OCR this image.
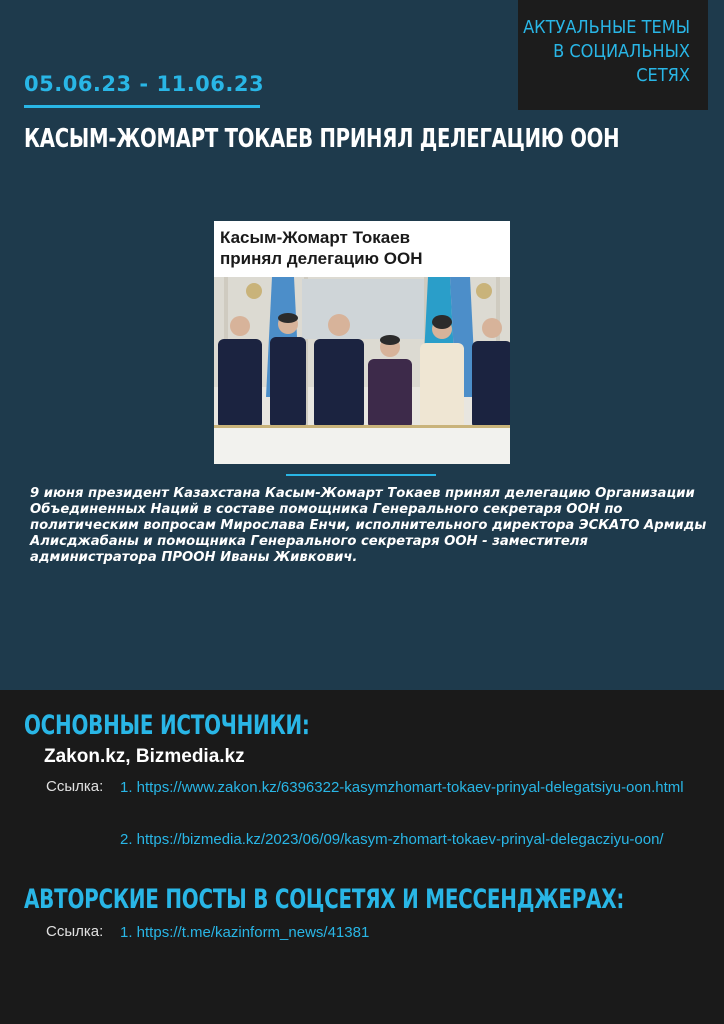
АКТУАЛЬНЫЕ ТЕМЫ
В СОЦИАЛЬНЫХ
СЕТЯХ
05.06.23 - 11.06.23
КАСЫМ-ЖОМАРТ ТОКАЕВ ПРИНЯЛ ДЕЛЕГАЦИЮ ООН
Касым-Жомарт Токаев
принял делегацию ООН
9 июня президент Казахстана Касым-Жомарт Токаев принял делегацию Организации Объединенных Наций в составе помощника Генерального секретаря ООН по политическим вопросам Мирослава Енчи, исполнительного директора ЭСКАТО Армиды Алисджабаны и помощника Генерального секретаря ООН - заместителя администратора ПРООН Иваны Живкович.
ОСНОВНЫЕ ИСТОЧНИКИ:
Zakon.kz, Bizmedia.kz
Ссылка: 1. https://www.zakon.kz/6396322-kasymzhomart-tokaev-prinyal-delegatsiyu-oon.html
2. https://bizmedia.kz/2023/06/09/kasym-zhomart-tokaev-prinyal-delegacziyu-oon/
АВТОРСКИЕ ПОСТЫ В СОЦСЕТЯХ И МЕССЕНДЖЕРАХ:
Ссылка: 1. https://t.me/kazinform_news/41381
